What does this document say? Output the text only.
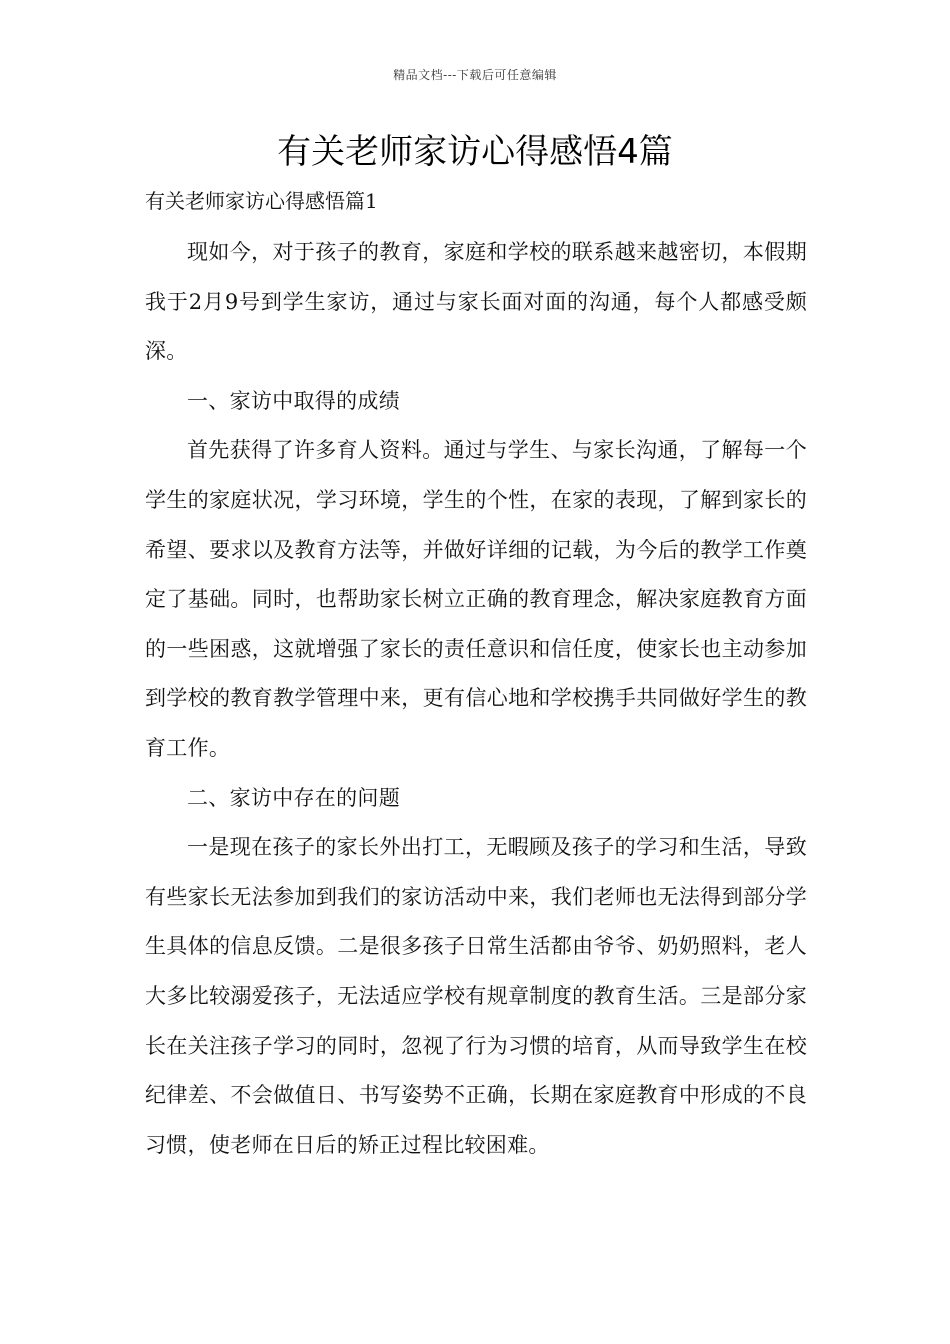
精品文档---下载后可任意编辑
有关老师家访心得感悟4篇
有关老师家访心得感悟篇1

现如今，对于孩子的教育，家庭和学校的联系越来越密切，本假期我于2月9号到学生家访，通过与家长面对面的沟通，每个人都感受颇深。

一、家访中取得的成绩

首先获得了许多育人资料。通过与学生、与家长沟通，了解每一个学生的家庭状况，学习环境，学生的个性，在家的表现，了解到家长的希望、要求以及教育方法等，并做好详细的记载，为今后的教学工作奠定了基础。同时，也帮助家长树立正确的教育理念，解决家庭教育方面的一些困惑，这就增强了家长的责任意识和信任度，使家长也主动参加到学校的教育教学管理中来，更有信心地和学校携手共同做好学生的教育工作。

二、家访中存在的问题

一是现在孩子的家长外出打工，无暇顾及孩子的学习和生活，导致有些家长无法参加到我们的家访活动中来，我们老师也无法得到部分学生具体的信息反馈。二是很多孩子日常生活都由爷爷、奶奶照料，老人大多比较溺爱孩子，无法适应学校有规章制度的教育生活。三是部分家长在关注孩子学习的同时，忽视了行为习惯的培育，从而导致学生在校纪律差、不会做值日、书写姿势不正确，长期在家庭教育中形成的不良习惯，使老师在日后的矫正过程比较困难。
